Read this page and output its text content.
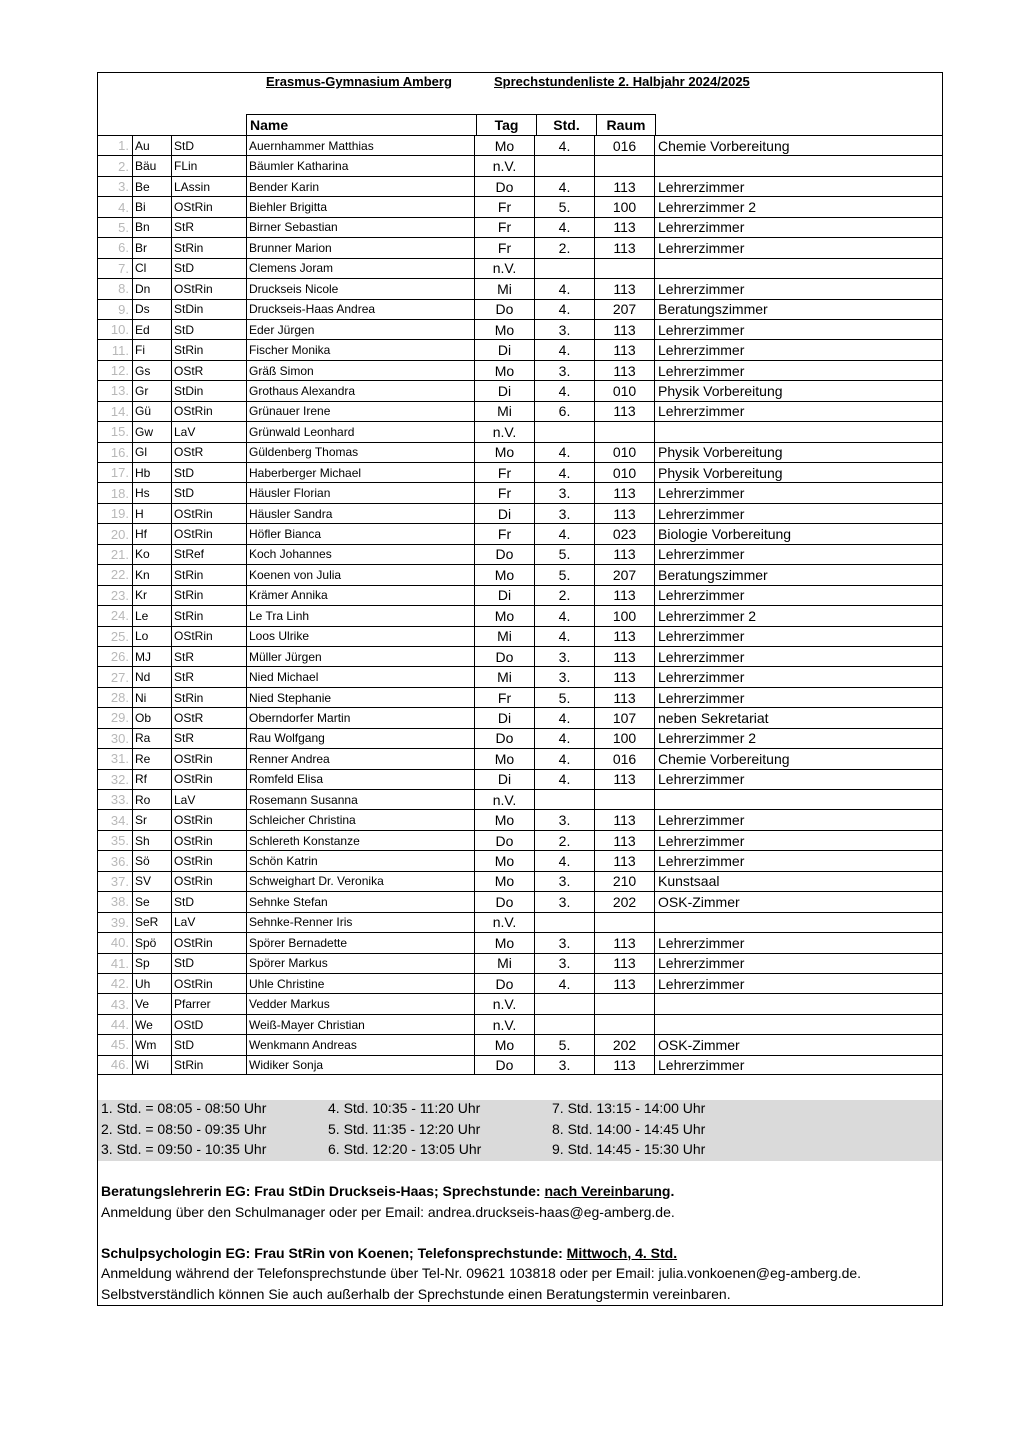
Erasmus-Gymnasium Amberg	Sprechstundenliste 2. Halbjahr 2024/2025
Name	Tag	Std.	Raum
1. Au	StD	Auernhammer Matthias	Mo	4.	016	Chemie Vorbereitung
2. Bäu	FLin	Bäumler Katharina	n.V.
3. Be	LAssin	Bender Karin	Do	4.	113	Lehrerzimmer
4. Bi	OStRin	Biehler Brigitta	Fr	5.	100	Lehrerzimmer 2
5. Bn	StR	Birner Sebastian	Fr	4.	113	Lehrerzimmer
6. Br	StRin	Brunner Marion	Fr	2.	113	Lehrerzimmer
7. Cl	StD	Clemens Joram	n.V.
8. Dn	OStRin	Druckseis Nicole	Mi	4.	113	Lehrerzimmer
9. Ds	StDin	Druckseis-Haas Andrea	Do	4.	207	Beratungszimmer
10. Ed	StD	Eder Jürgen	Mo	3.	113	Lehrerzimmer
11. Fi	StRin	Fischer Monika	Di	4.	113	Lehrerzimmer
12. Gs	OStR	Gräß Simon	Mo	3.	113	Lehrerzimmer
13. Gr	StDin	Grothaus Alexandra	Di	4.	010	Physik Vorbereitung
14. Gü	OStRin	Grünauer Irene	Mi	6.	113	Lehrerzimmer
15. Gw	LaV	Grünwald Leonhard	n.V.
16. Gl	OStR	Güldenberg Thomas	Mo	4.	010	Physik Vorbereitung
17. Hb	StD	Haberberger Michael	Fr	4.	010	Physik Vorbereitung
18. Hs	StD	Häusler Florian	Fr	3.	113	Lehrerzimmer
19. H	OStRin	Häusler Sandra	Di	3.	113	Lehrerzimmer
20. Hf	OStRin	Höfler Bianca	Fr	4.	023	Biologie Vorbereitung
21. Ko	StRef	Koch Johannes	Do	5.	113	Lehrerzimmer
22. Kn	StRin	Koenen von Julia	Mo	5.	207	Beratungszimmer
23. Kr	StRin	Krämer Annika	Di	2.	113	Lehrerzimmer
24. Le	StRin	Le Tra Linh	Mo	4.	100	Lehrerzimmer 2
25. Lo	OStRin	Loos Ulrike	Mi	4.	113	Lehrerzimmer
26. MJ	StR	Müller Jürgen	Do	3.	113	Lehrerzimmer
27. Nd	StR	Nied Michael	Mi	3.	113	Lehrerzimmer
28. Ni	StRin	Nied Stephanie	Fr	5.	113	Lehrerzimmer
29. Ob	OStR	Oberndorfer Martin	Di	4.	107	neben Sekretariat
30. Ra	StR	Rau Wolfgang	Do	4.	100	Lehrerzimmer 2
31. Re	OStRin	Renner Andrea	Mo	4.	016	Chemie Vorbereitung
32. Rf	OStRin	Romfeld Elisa	Di	4.	113	Lehrerzimmer
33. Ro	LaV	Rosemann Susanna	n.V.
34. Sr	OStRin	Schleicher Christina	Mo	3.	113	Lehrerzimmer
35. Sh	OStRin	Schlereth Konstanze	Do	2.	113	Lehrerzimmer
36. Sö	OStRin	Schön Katrin	Mo	4.	113	Lehrerzimmer
37. SV	OStRin	Schweighart Dr. Veronika	Mo	3.	210	Kunstsaal
38. Se	StD	Sehnke Stefan	Do	3.	202	OSK-Zimmer
39. SeR	LaV	Sehnke-Renner Iris	n.V.
40. Spö	OStRin	Spörer Bernadette	Mo	3.	113	Lehrerzimmer
41. Sp	StD	Spörer Markus	Mi	3.	113	Lehrerzimmer
42. Uh	OStRin	Uhle Christine	Do	4.	113	Lehrerzimmer
43. Ve	Pfarrer	Vedder Markus	n.V.
44. We	OStD	Weiß-Mayer Christian	n.V.
45. Wm	StD	Wenkmann Andreas	Mo	5.	202	OSK-Zimmer
46. Wi	StRin	Widiker Sonja	Do	3.	113	Lehrerzimmer
1. Std. = 08:05 - 08:50 Uhr	4. Std. 10:35 - 11:20 Uhr	7. Std. 13:15 - 14:00 Uhr
2. Std. = 08:50 - 09:35 Uhr	5. Std. 11:35 - 12:20 Uhr	8. Std. 14:00 - 14:45 Uhr
3. Std. = 09:50 - 10:35 Uhr	6. Std. 12:20 - 13:05 Uhr	9. Std. 14:45 - 15:30 Uhr
Beratungslehrerin EG: Frau StDin Druckseis-Haas; Sprechstunde: nach Vereinbarung.
Anmeldung über den Schulmanager oder per Email: andrea.druckseis-haas@eg-amberg.de.
Schulpsychologin EG: Frau StRin von Koenen; Telefonsprechstunde: Mittwoch, 4. Std.
Anmeldung während der Telefonsprechstunde über Tel-Nr. 09621 103818 oder per Email: julia.vonkoenen@eg-amberg.de.
Selbstverständlich können Sie auch außerhalb der Sprechstunde einen Beratungstermin vereinbaren.
